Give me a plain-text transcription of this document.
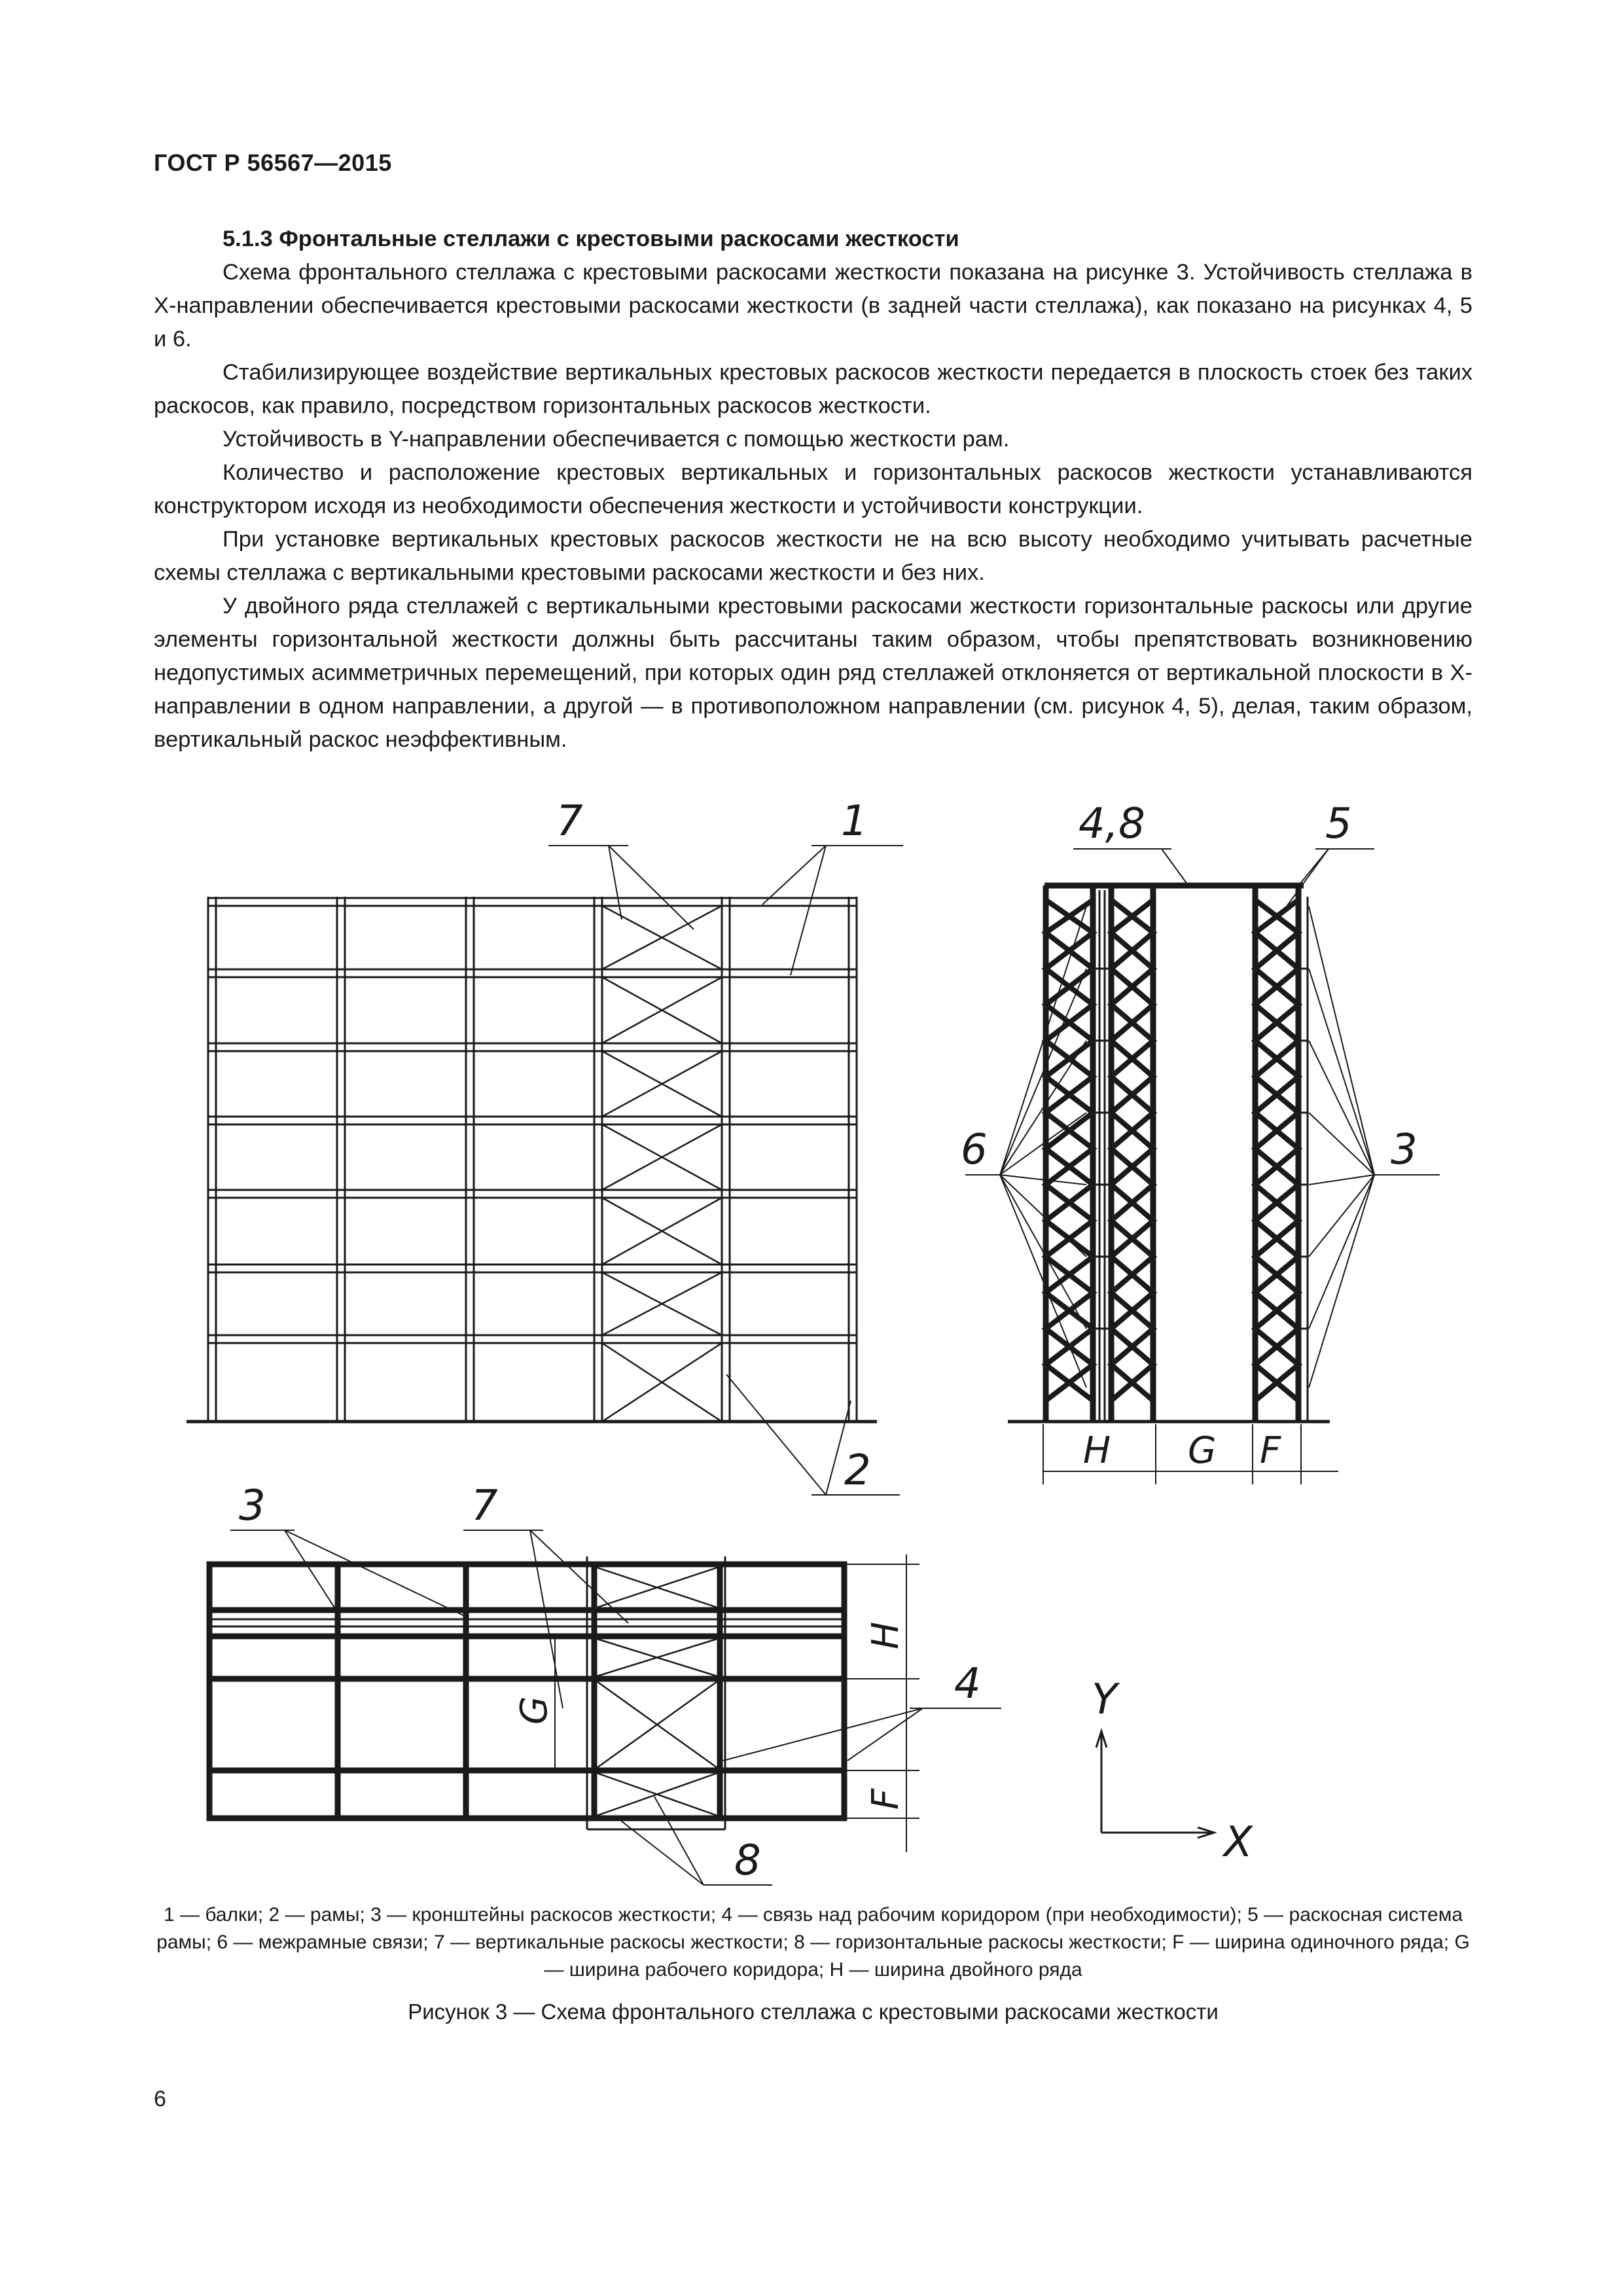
ГОСТ Р 56567—2015

5.1.3 Фронтальные стеллажи с крестовыми раскосами жесткости

Схема фронтального стеллажа с крестовыми раскосами жесткости показана на рисунке 3. Устойчивость стеллажа в X-направлении обеспечивается крестовыми раскосами жесткости (в задней части стеллажа), как показано на рисунках 4, 5 и 6.

Стабилизирующее воздействие вертикальных крестовых раскосов жесткости передается в плоскость стоек без таких раскосов, как правило, посредством горизонтальных раскосов жесткости.

Устойчивость в Y-направлении обеспечивается с помощью жесткости рам.

Количество и расположение крестовых вертикальных и горизонтальных раскосов жесткости устанавливаются конструктором исходя из необходимости обеспечения жесткости и устойчивости конструкции.

При установке вертикальных крестовых раскосов жесткости не на всю высоту необходимо учитывать расчетные схемы стеллажа с вертикальными крестовыми раскосами жесткости и без них.

У двойного ряда стеллажей с вертикальными крестовыми раскосами жесткости горизонтальные раскосы или другие элементы горизонтальной жесткости должны быть рассчитаны таким образом, чтобы препятствовать возникновению недопустимых асимметричных перемещений, при которых один ряд стеллажей отклоняется от вертикальной плоскости в X-направлении в одном направлении, а другой — в противоположном направлении (см. рисунок 4, 5), делая, таким образом, вертикальный раскос неэффективным.

7	1
2
4,8	5
6	3
H G F
3	7
4
8
H
G
F
Y
X
1 — балки; 2 — рамы; 3 — кронштейны раскосов жесткости; 4 — связь над рабочим коридором (при необходимости); 5 — раскосная система рамы; 6 — межрамные связи; 7 — вертикальные раскосы жесткости; 8 — горизонтальные раскосы жесткости; F — ширина одиночного ряда; G — ширина рабочего коридора; H — ширина двойного ряда
Рисунок 3 — Схема фронтального стеллажа с крестовыми раскосами жесткости
6
